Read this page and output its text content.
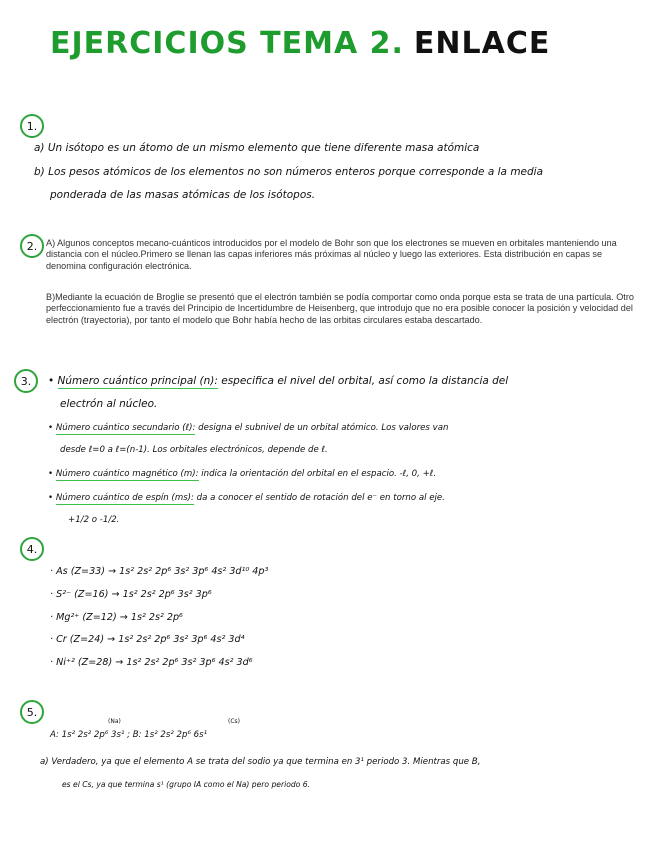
EJERCICIOS TEMA 2. ENLACE
1.
a) Un isótopo es un átomo de un mismo elemento que tiene diferente masa atómica
b) Los pesos atómicos de los elementos no son números enteros porque corresponde a la media
ponderada de las masas atómicas de los isótopos.
2. A) Algunos conceptos mecano-cuánticos introducidos por el modelo de Bohr son que los electrones se mueven en orbitales manteniendo una distancia con el núcleo.Primero se llenan las capas inferiores más próximas al núcleo y luego las exteriores. Esta distribución en capas se denomina configuración electrónica.
B)Mediante la ecuación de Broglie se presentó que el electrón también se podía comportar como onda porque esta se trata de una partícula. Otro perfeccionamiento fue a través del Principio de Incertidumbre de Heisenberg, que introdujo que no era posible conocer la posición y velocidad del electrón (trayectoria), por tanto el modelo que Bohr había hecho de las orbitas circulares estaba descartado.
3.	• Número cuántico principal (n): especifica el nivel del orbital, así como la distancia del
electrón al núcleo.
• Número cuántico secundario (ℓ): designa el subnivel de un orbital atómico. Los valores van
desde ℓ=0 a ℓ=(n-1). Los orbitales electrónicos, depende de ℓ.
• Número cuántico magnético (m): indica la orientación del orbital en el espacio. -ℓ, 0, +ℓ.
• Número cuántico de espín (ms): da a conocer el sentido de rotación del e⁻ en torno al eje.
+1/2 o -1/2.
4.
· As (Z=33) → 1s² 2s² 2p⁶ 3s² 3p⁶ 4s² 3d¹⁰ 4p³
· S²⁻ (Z=16) → 1s² 2s² 2p⁶ 3s² 3p⁶
· Mg²⁺ (Z=12) → 1s² 2s² 2p⁶
· Cr (Z=24) → 1s² 2s² 2p⁶ 3s² 3p⁶ 4s² 3d⁴
· Ni⁺² (Z=28) → 1s² 2s² 2p⁶ 3s² 3p⁶ 4s² 3d⁶
5.
(Na)	(Cs)
A: 1s² 2s² 2p⁶ 3s¹ ; B: 1s² 2s² 2p⁶ 6s¹
a) Verdadero, ya que el elemento A se trata del sodio ya que termina en 3¹ periodo 3. Mientras que B,
es el Cs, ya que termina s¹ (grupo IA como el Na) pero periodo 6.
